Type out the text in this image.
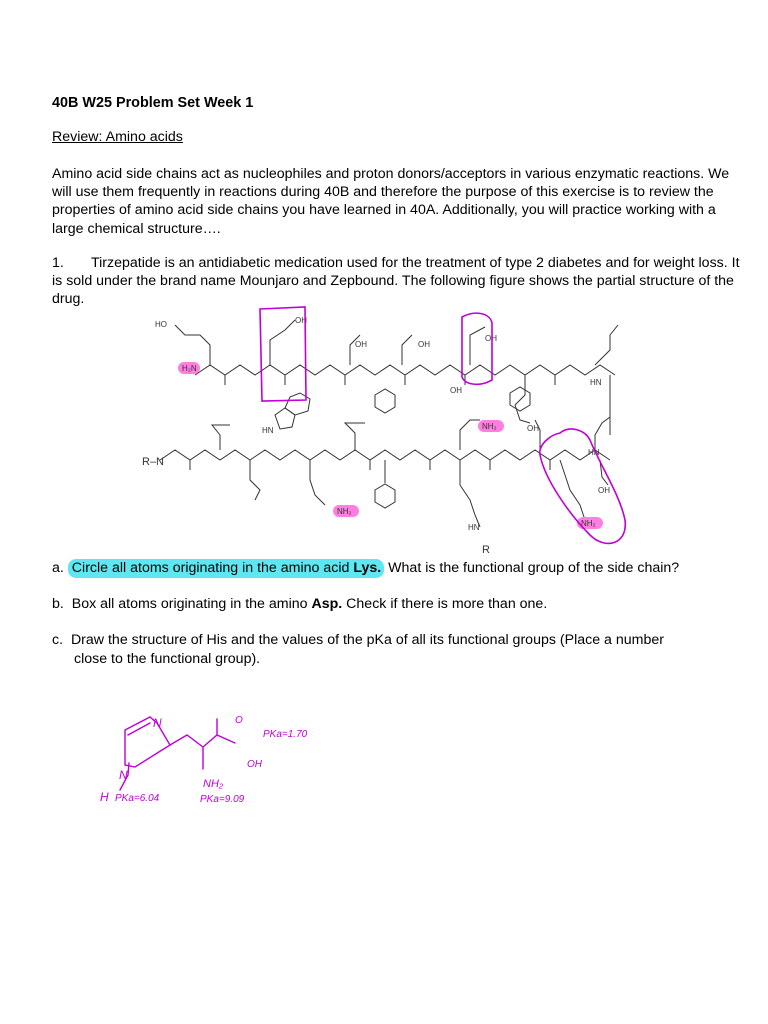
40B W25 Problem Set Week 1
Review: Amino acids
Amino acid side chains act as nucleophiles and proton donors/acceptors in various enzymatic reactions. We will use them frequently in reactions during 40B and therefore the purpose of this exercise is to review the properties of amino acid side chains you have learned in 40A. Additionally, you will practice working with a large chemical structure….
1. Tirzepatide is an antidiabetic medication used for the treatment of type 2 diabetes and for weight loss. It is sold under the brand name Mounjaro and Zepbound. The following figure shows the partial structure of the drug.
HO
H₂N
OH
OH	OH
OH
OH
OH
OH
HN
HN
HN
HN
NH₂
NH₂
NH₂
R–N
R
a. Circle all atoms originating in the amino acid Lys. What is the functional group of the side chain?
b. Box all atoms originating in the amino Asp. Check if there is more than one.
c.  Draw the structure of His and the values of the pKa of all its functional groups (Place a number
close to the functional group).
N
N
H
O
OH
NH₂
PKa=1.70
PKa=6.04	PKa=9.09
